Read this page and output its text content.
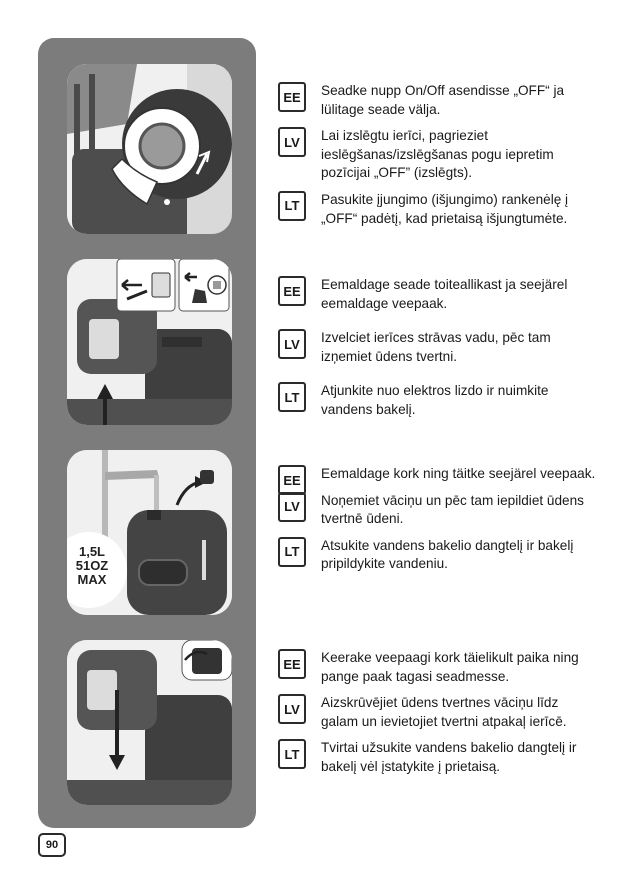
1,5L
51OZ
MAX
EE	Seadke nupp On/Off asendisse „OFF“ ja lülitage seade välja.
LV	Lai izslēgtu ierīci, pagrieziet ieslēgšanas/izslēgšanas pogu iepretim pozīcijai „OFF” (izslēgts).
LT	Pasukite įjungimo (išjungimo) rankenėlę į „OFF“ padėtį, kad prietaisą išjungtumėte.
EE	Eemaldage seade toiteallikast ja seejärel eemaldage veepaak.
LV	Izvelciet ierīces strāvas vadu, pēc tam izņemiet ūdens tvertni.
LT	Atjunkite nuo elektros lizdo ir nuimkite vandens bakelį.
EE	Eemaldage kork ning täitke seejärel veepaak.
LV	Noņemiet vāciņu un pēc tam iepildiet ūdens tvertnē ūdeni.
LT	Atsukite vandens bakelio dangtelį ir bakelį pripildykite vandeniu.
EE	Keerake veepaagi kork täielikult paika ning pange paak tagasi seadmesse.
LV	Aizskrūvējiet ūdens tvertnes vāciņu līdz galam un ievietojiet tvertni atpakaļ ierīcē.
LT	Tvirtai užsukite vandens bakelio dangtelį ir bakelį vėl įstatykite į prietaisą.
90
